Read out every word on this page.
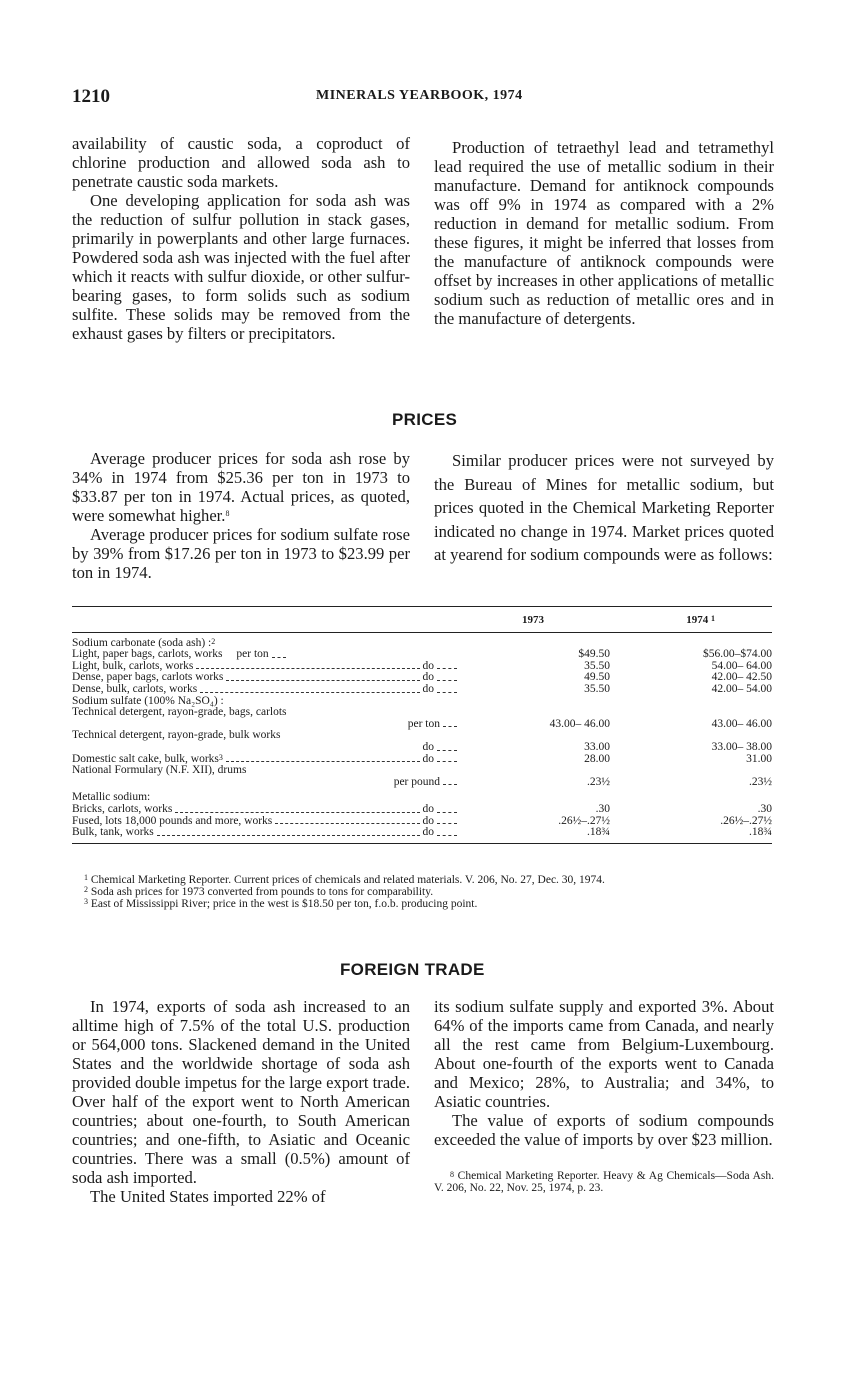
1210	MINERALS YEARBOOK, 1974

availability of caustic soda, a coproduct of chlorine production and allowed soda ash to penetrate caustic soda markets.

One developing application for soda ash was the reduction of sulfur pollution in stack gases, primarily in powerplants and other large furnaces. Powdered soda ash was injected with the fuel after which it reacts with sulfur dioxide, or other sulfur-bearing gases, to form solids such as sodium sulfite. These solids may be removed from the exhaust gases by filters or precipitators.

Production of tetraethyl lead and tetramethyl lead required the use of metallic sodium in their manufacture. Demand for antiknock compounds was off 9% in 1974 as compared with a 2% reduction in demand for metallic sodium. From these figures, it might be inferred that losses from the manufacture of antiknock compounds were offset by increases in other applications of metallic sodium such as reduction of metallic ores and in the manufacture of detergents.

PRICES

Average producer prices for soda ash rose by 34% in 1974 from $25.36 per ton in 1973 to $33.87 per ton in 1974. Actual prices, as quoted, were somewhat higher.$^8$

Average producer prices for sodium sulfate rose by 39% from $17.26 per ton in 1973 to $23.99 per ton in 1974.

Similar producer prices were not surveyed by the Bureau of Mines for metallic sodium, but prices quoted in the Chemical Marketing Reporter indicated no change in 1974. Market prices quoted at yearend for sodium compounds were as follows:

	1973	1974 $^1$
Sodium carbonate (soda ash) :$^2$

Light, paper bags, carlots, works per ton	$49.50	$56.00–$74.00

Light, bulk, carlots, works do	35.50	54.00– 64.00

Dense, paper bags, carlots works do	49.50	42.00– 42.50

Dense, bulk, carlots, works do	35.50	42.00– 54.00
Sodium sulfate (100% Na₂SO₄) :		
Technical detergent, rayon-grade, bags, carlots		

per ton	43.00– 46.00	43.00– 46.00
Technical detergent, rayon-grade, bulk works		

do	33.00	33.00– 38.00

Domestic salt cake, bulk, works 3 do	28.00	31.00
National Formulary (N.F. XII), drums		

per pound	.23½	.23½
Metallic sodium:		

Bricks, carlots, works do	.30	.30

Fused, lots 18,000 pounds and more, works do	.26½–.27½	.26½–.27½

Bulk, tank, works do	.18¾	.18¾
$^1$ Chemical Marketing Reporter. Current prices of chemicals and related materials. V. 206, No. 27, Dec. 30, 1974.
$^2$ Soda ash prices for 1973 converted from pounds to tons for comparability.
$^3$ East of Mississippi River; price in the west is $18.50 per ton, f.o.b. producing point.
FOREIGN TRADE

In 1974, exports of soda ash increased to an alltime high of 7.5% of the total U.S. production or 564,000 tons. Slackened demand in the United States and the worldwide shortage of soda ash provided double impetus for the large export trade. Over half of the export went to North American countries; about one-fourth, to South American countries; and one-fifth, to Asiatic and Oceanic countries. There was a small (0.5%) amount of soda ash imported.

The United States imported 22% of

its sodium sulfate supply and exported 3%. About 64% of the imports came from Canada, and nearly all the rest came from Belgium-Luxembourg. About one-fourth of the exports went to Canada and Mexico; 28%, to Australia; and 34%, to Asiatic countries.

The value of exports of sodium compounds exceeded the value of imports by over $23 million.

$^8$ Chemical Marketing Reporter. Heavy & Ag Chemicals—Soda Ash. V. 206, No. 22, Nov. 25, 1974, p. 23.
